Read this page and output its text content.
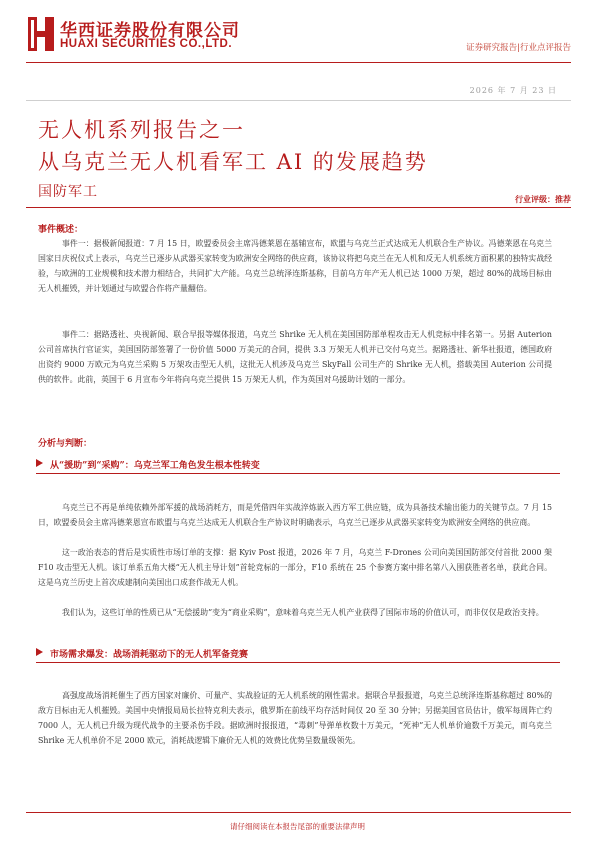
华西证券股份有限公司
HUAXI SECURITIES CO.,LTD.	证券研究报告|行业点评报告
2026 年 7 月 23 日
无人机系列报告之一
从乌克兰无人机看军工 AI 的发展趋势
国防军工	行业评级：推荐
事件概述：

事件一：据极新闻报道：7 月 15 日，欧盟委员会主席冯德莱恩在基辅宣布，欧盟与乌克兰正式达成无人机联合生产协议。冯德莱恩在乌克兰国家日庆祝仪式上表示，乌克兰已逐步从武器买家转变为欧洲安全网络的供应商，该协议将把乌克兰在无人机和反无人机系统方面积累的独特实战经验，与欧洲的工业规模和技术潜力相结合，共同扩大产能。乌克兰总统泽连斯基称，目前乌方年产无人机已达 1000 万架，超过 80%的战场目标由无人机摧毁，并计划通过与欧盟合作将产量翻倍。

事件二：据路透社、央视新闻、联合早报等媒体报道，乌克兰 Shrike 无人机在美国国防部单程攻击无人机竞标中排名第一。另据 Auterion 公司首席执行官证实，美国国防部签署了一份价值 5000 万美元的合同，提供 3.3 万架无人机并已交付乌克兰。据路透社、新华社报道，德国政府出资约 9000 万欧元为乌克兰采购 5 万架攻击型无人机，这批无人机涉及乌克兰 SkyFall 公司生产的 Shrike 无人机，搭载美国 Auterion 公司提供的软件。此前，英国于 6 月宣布今年将向乌克兰提供 15 万架无人机，作为英国对乌援助计划的一部分。

分析与判断：
从“援助”到“采购”：乌克兰军工角色发生根本性转变

乌克兰已不再是单纯依赖外部军援的战场消耗方，而是凭借四年实战淬炼嵌入西方军工供应链，成为具备技术输出能力的关键节点。7 月 15 日，欧盟委员会主席冯德莱恩宣布欧盟与乌克兰达成无人机联合生产协议时明确表示，乌克兰已逐步从武器买家转变为欧洲安全网络的供应商。

这一政治表态的背后是实质性市场订单的支撑：据 Kyiv Post 报道，2026 年 7 月，乌克兰 F-Drones 公司向美国国防部交付首批 2000 架 F10 攻击型无人机。该订单系五角大楼“无人机主导计划”首轮竞标的一部分，F10 系统在 25 个参赛方案中排名第八入围获胜者名单，获此合同。这是乌克兰历史上首次成建制向美国出口成套作战无人机。

我们认为，这些订单的性质已从“无偿援助”变为“商业采购”，意味着乌克兰无人机产业获得了国际市场的价值认可，而非仅仅是政治支持。

市场需求爆发：战场消耗驱动下的无人机军备竞赛

高强度战场消耗催生了西方国家对廉价、可量产、实战验证的无人机系统的刚性需求。据联合早报报道，乌克兰总统泽连斯基称超过 80%的敌方目标由无人机摧毁。美国中央情报局局长拉特克利夫表示，俄罗斯在前线平均存活时间仅 20 至 30 分钟；另据美国官员估计，俄军每周阵亡约 7000 人，无人机已升级为现代战争的主要杀伤手段。据欧洲时报报道，“毒刺”导弹单枚数十万美元，“死神”无人机单价逾数千万美元，而乌克兰 Shrike 无人机单价不足 2000 欧元，消耗战逻辑下廉价无人机的效费比优势呈数量级领先。

请仔细阅读在本报告尾部的重要法律声明
